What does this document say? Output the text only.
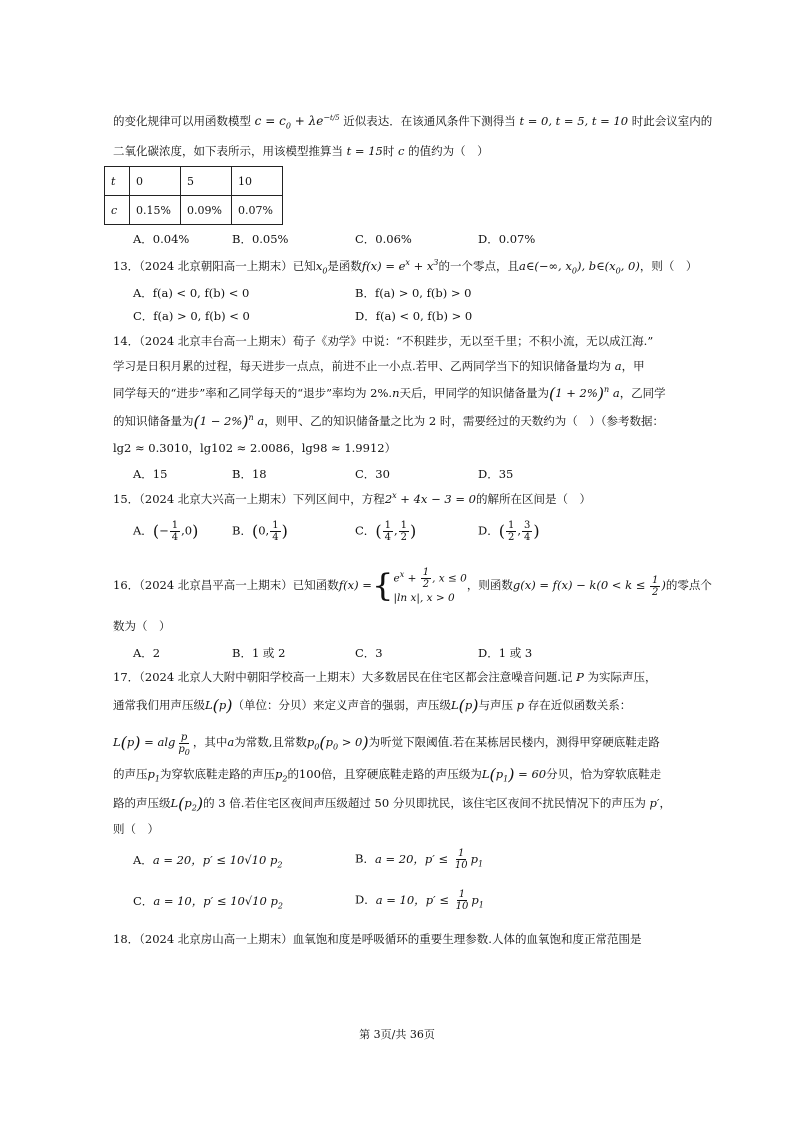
的变化规律可以用函数模型 $c = c_0 + \lambda e^{-t/5}$ 近似表达．在该通风条件下测得当 t = 0, t = 5, t = 10 时此会议室内的
二氧化碳浓度，如下表所示，用该模型推算当 t = 15时 c 的值约为（　）
t	0	5	10
c	0.15%	0.09%	0.07%
A．0.04%	B．0.05%	C．0.06%	D．0.07%
13．（2024 北京朝阳高一上期末）已知$x_0$是函数$f(x) = e^x + x^3$的一个零点，且a∈(−∞, $x_0$), $b\in(x_0$, 0)，则（　）
A．f(a) < 0, f(b) < 0	B．f(a) > 0, f(b) > 0
C．f(a) > 0, f(b) < 0	D．f(a) < 0, f(b) > 0
14．（2024 北京丰台高一上期末）荀子《劝学》中说：“不积跬步，无以至千里；不积小流，无以成江海.”
学习是日积月累的过程，每天进步一点点，前进不止一小点.若甲、乙两同学当下的知识储备量均为 a，甲
同学每天的“进步”率和乙同学每天的“退步”率均为 2%.n天后，甲同学的知识储备量为$(1 + 2\%)^n$ a，乙同学
的知识储备量为$(1 - 2\%)^n$ a，则甲、乙的知识储备量之比为 2 时，需要经过的天数约为（　）（参考数据：
lg2 ≈ 0.3010，lg102 ≈ 2.0086，lg98 ≈ 1.9912）
A．15	B．18	C．30	D．35
15．（2024 北京大兴高一上期末）下列区间中，方程$2^x + 4x - 3 = 0$的解所在区间是（　）
A．(− $\frac{1}{4} ,0$)	B．(0, $\frac{1}{4}$ )	C．( $\frac{1}{4}$ , $\frac{1}{2}$ )	D．( $\frac{1}{2}$ , $\frac{3}{4}$ )
16．（2024 北京昌平高一上期末）已知函数f(x) ={ $e^x + \frac{1}{2}$ , x ≤ 0
|ln x|, x > 0
，则函数$g(x) = f(x) - k(0 < k \le \frac{1}{2}$ )的零点个
数为（　）
A．2	B．1 或 2	C．3	D．1 或 3
17．（2024 北京人大附中朝阳学校高一上期末）大多数居民在住宅区都会注意噪音问题.记 P 为实际声压，
通常我们用声压级L(p)（单位：分贝）来定义声音的强弱，声压级L(p)与声压 p 存在近似函数关系：
L(p) = alg $\frac{p}{p_0}$ ，其中a为常数,且常数$p_0(p_0 > 0)$为听觉下限阈值.若在某栋居民楼内，测得甲穿硬底鞋走路
的声压$p_1$为穿软底鞋走路的声压$p_2$的100倍，且穿硬底鞋走路的声压级为$L(p_1) = 60$分贝，恰为穿软底鞋走
路的声压级$L(p_2)$的 3 倍.若住宅区夜间声压级超过 50 分贝即扰民，该住宅区夜间不扰民情况下的声压为 p′，
则（　）
A．a = 20，p′ ≤ 10√10 $p_2$	B．a = 20，$p' \le \frac{1}{10} p_1$
C．a = 10，p′ ≤ 10√10 $p_2$	D．a = 10，$p' \le \frac{1}{10} p_1$
18．（2024 北京房山高一上期末）血氧饱和度是呼吸循环的重要生理参数.人体的血氧饱和度正常范围是
第 3页/共 36页
